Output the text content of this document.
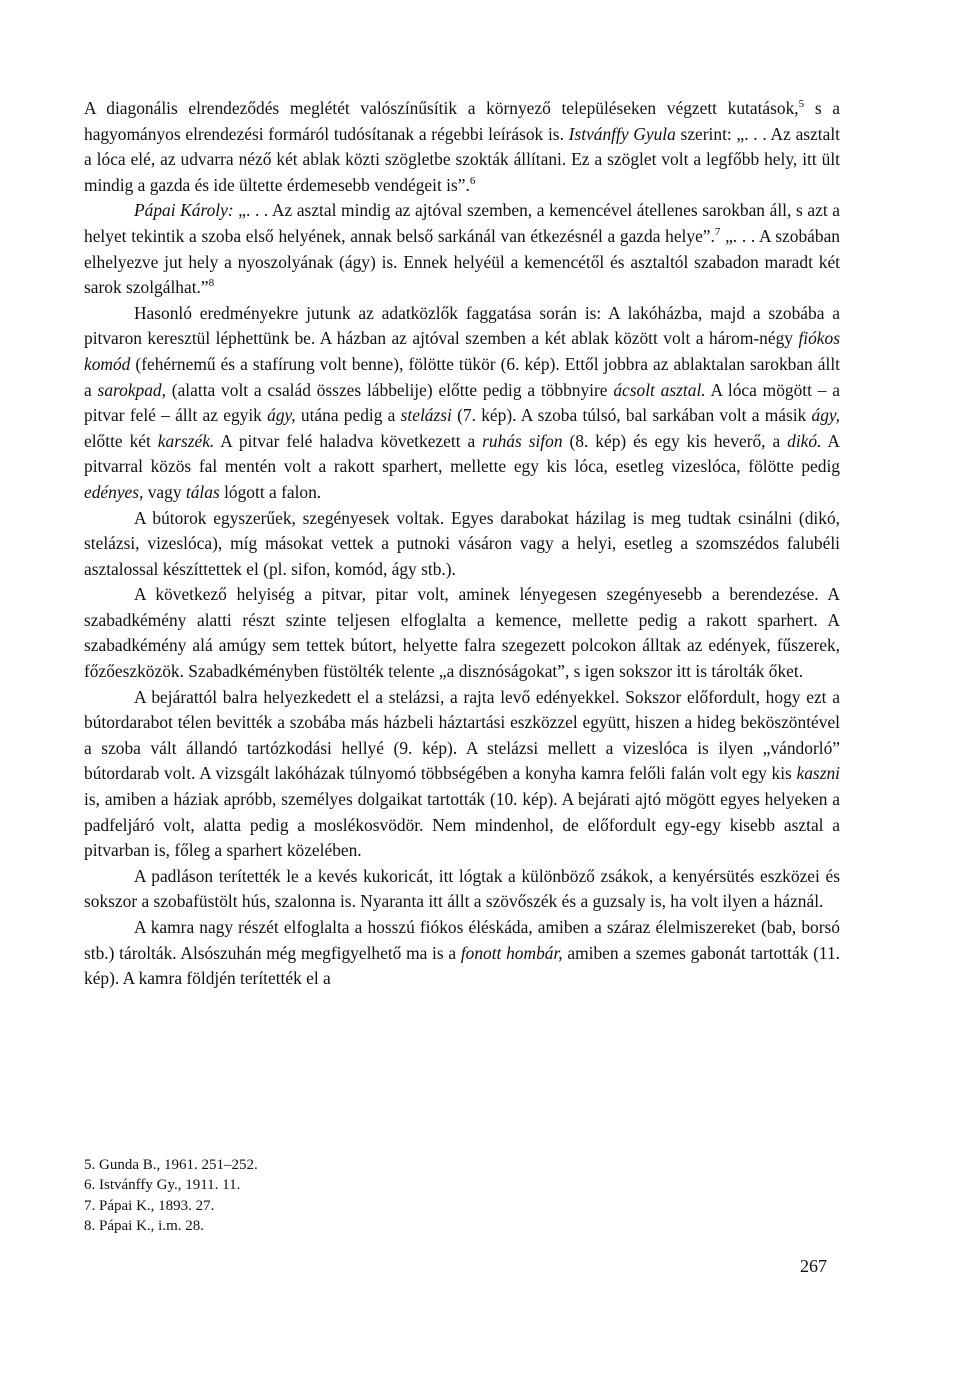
A diagonális elrendeződés meglétét valószínűsítik a környező településeken végzett kutatások,$^5$ s a hagyományos elrendezési formáról tudósítanak a régebbi leírások is. Istvánffy Gyula szerint: „. . . Az asztalt a lóca elé, az udvarra néző két ablak közti szögletbe szokták állítani. Ez a szöglet volt a legfőbb hely, itt ült mindig a gazda és ide ültette érdemesebb vendégeit is”.$^6$

Pápai Károly: „. . . Az asztal mindig az ajtóval szemben, a kemencével átellenes sarokban áll, s azt a helyet tekintik a szoba első helyének, annak belső sarkánál van étkezésnél a gazda helye”.$^7$ „. . . A szobában elhelyezve jut hely a nyoszolyának (ágy) is. Ennek helyéül a kemencétől és asztaltól szabadon maradt két sarok szolgálhat.”$^8$

Hasonló eredményekre jutunk az adatközlők faggatása során is: A lakóházba, majd a szobába a pitvaron keresztül léphettünk be. A házban az ajtóval szemben a két ablak között volt a három-négy fiókos komód (fehérnemű és a stafírung volt benne), fölötte tükör (6. kép). Ettől jobbra az ablaktalan sarokban állt a sarokpad, (alatta volt a család összes lábbelije) előtte pedig a többnyire ácsolt asztal. A lóca mögött – a pitvar felé – állt az egyik ágy, utána pedig a stelázsi (7. kép). A szoba túlsó, bal sarkában volt a másik ágy, előtte két karszék. A pitvar felé haladva következett a ruhás sifon (8. kép) és egy kis heverő, a dikó. A pitvarral közös fal mentén volt a rakott sparhert, mellette egy kis lóca, esetleg vizeslóca, fölötte pedig edényes, vagy tálas lógott a falon.

A bútorok egyszerűek, szegényesek voltak. Egyes darabokat házilag is meg tudtak csinálni (dikó, stelázsi, vizeslóca), míg másokat vettek a putnoki vásáron vagy a helyi, esetleg a szomszédos falubéli asztalossal készíttettek el (pl. sifon, komód, ágy stb.).

A következő helyiség a pitvar, pitar volt, aminek lényegesen szegényesebb a berendezése. A szabadkémény alatti részt szinte teljesen elfoglalta a kemence, mellette pedig a rakott sparhert. A szabadkémény alá amúgy sem tettek bútort, helyette falra szegezett polcokon álltak az edények, fűszerek, főzőeszközök. Szabadkéményben füstölték telente „a disznóságokat”, s igen sokszor itt is tárolták őket.

A bejárattól balra helyezkedett el a stelázsi, a rajta levő edényekkel. Sokszor előfordult, hogy ezt a bútordarabot télen bevitték a szobába más házbeli háztartási eszközzel együtt, hiszen a hideg beköszöntével a szoba vált állandó tartózkodási hellyé (9. kép). A stelázsi mellett a vizeslóca is ilyen „vándorló” bútordarab volt. A vizsgált lakóházak túlnyomó többségében a konyha kamra felőli falán volt egy kis kaszni is, amiben a háziak apróbb, személyes dolgaikat tartották (10. kép). A bejárati ajtó mögött egyes helyeken a padfeljáró volt, alatta pedig a moslékosvödör. Nem mindenhol, de előfordult egy-egy kisebb asztal a pitvarban is, főleg a sparhert közelében.

A padláson terítették le a kevés kukoricát, itt lógtak a különböző zsákok, a kenyérsütés eszközei és sokszor a szobafüstölt hús, szalonna is. Nyaranta itt állt a szövőszék és a guzsaly is, ha volt ilyen a háznál.

A kamra nagy részét elfoglalta a hosszú fiókos éléskáda, amiben a száraz élelmiszereket (bab, borsó stb.) tárolták. Alsószuhán még megfigyelhető ma is a fonott hombár, amiben a szemes gabonát tartották (11. kép). A kamra földjén terítették el a

5. Gunda B., 1961. 251–252.
6. Istvánffy Gy., 1911. 11.
7. Pápai K., 1893. 27.
8. Pápai K., i.m. 28.
267
